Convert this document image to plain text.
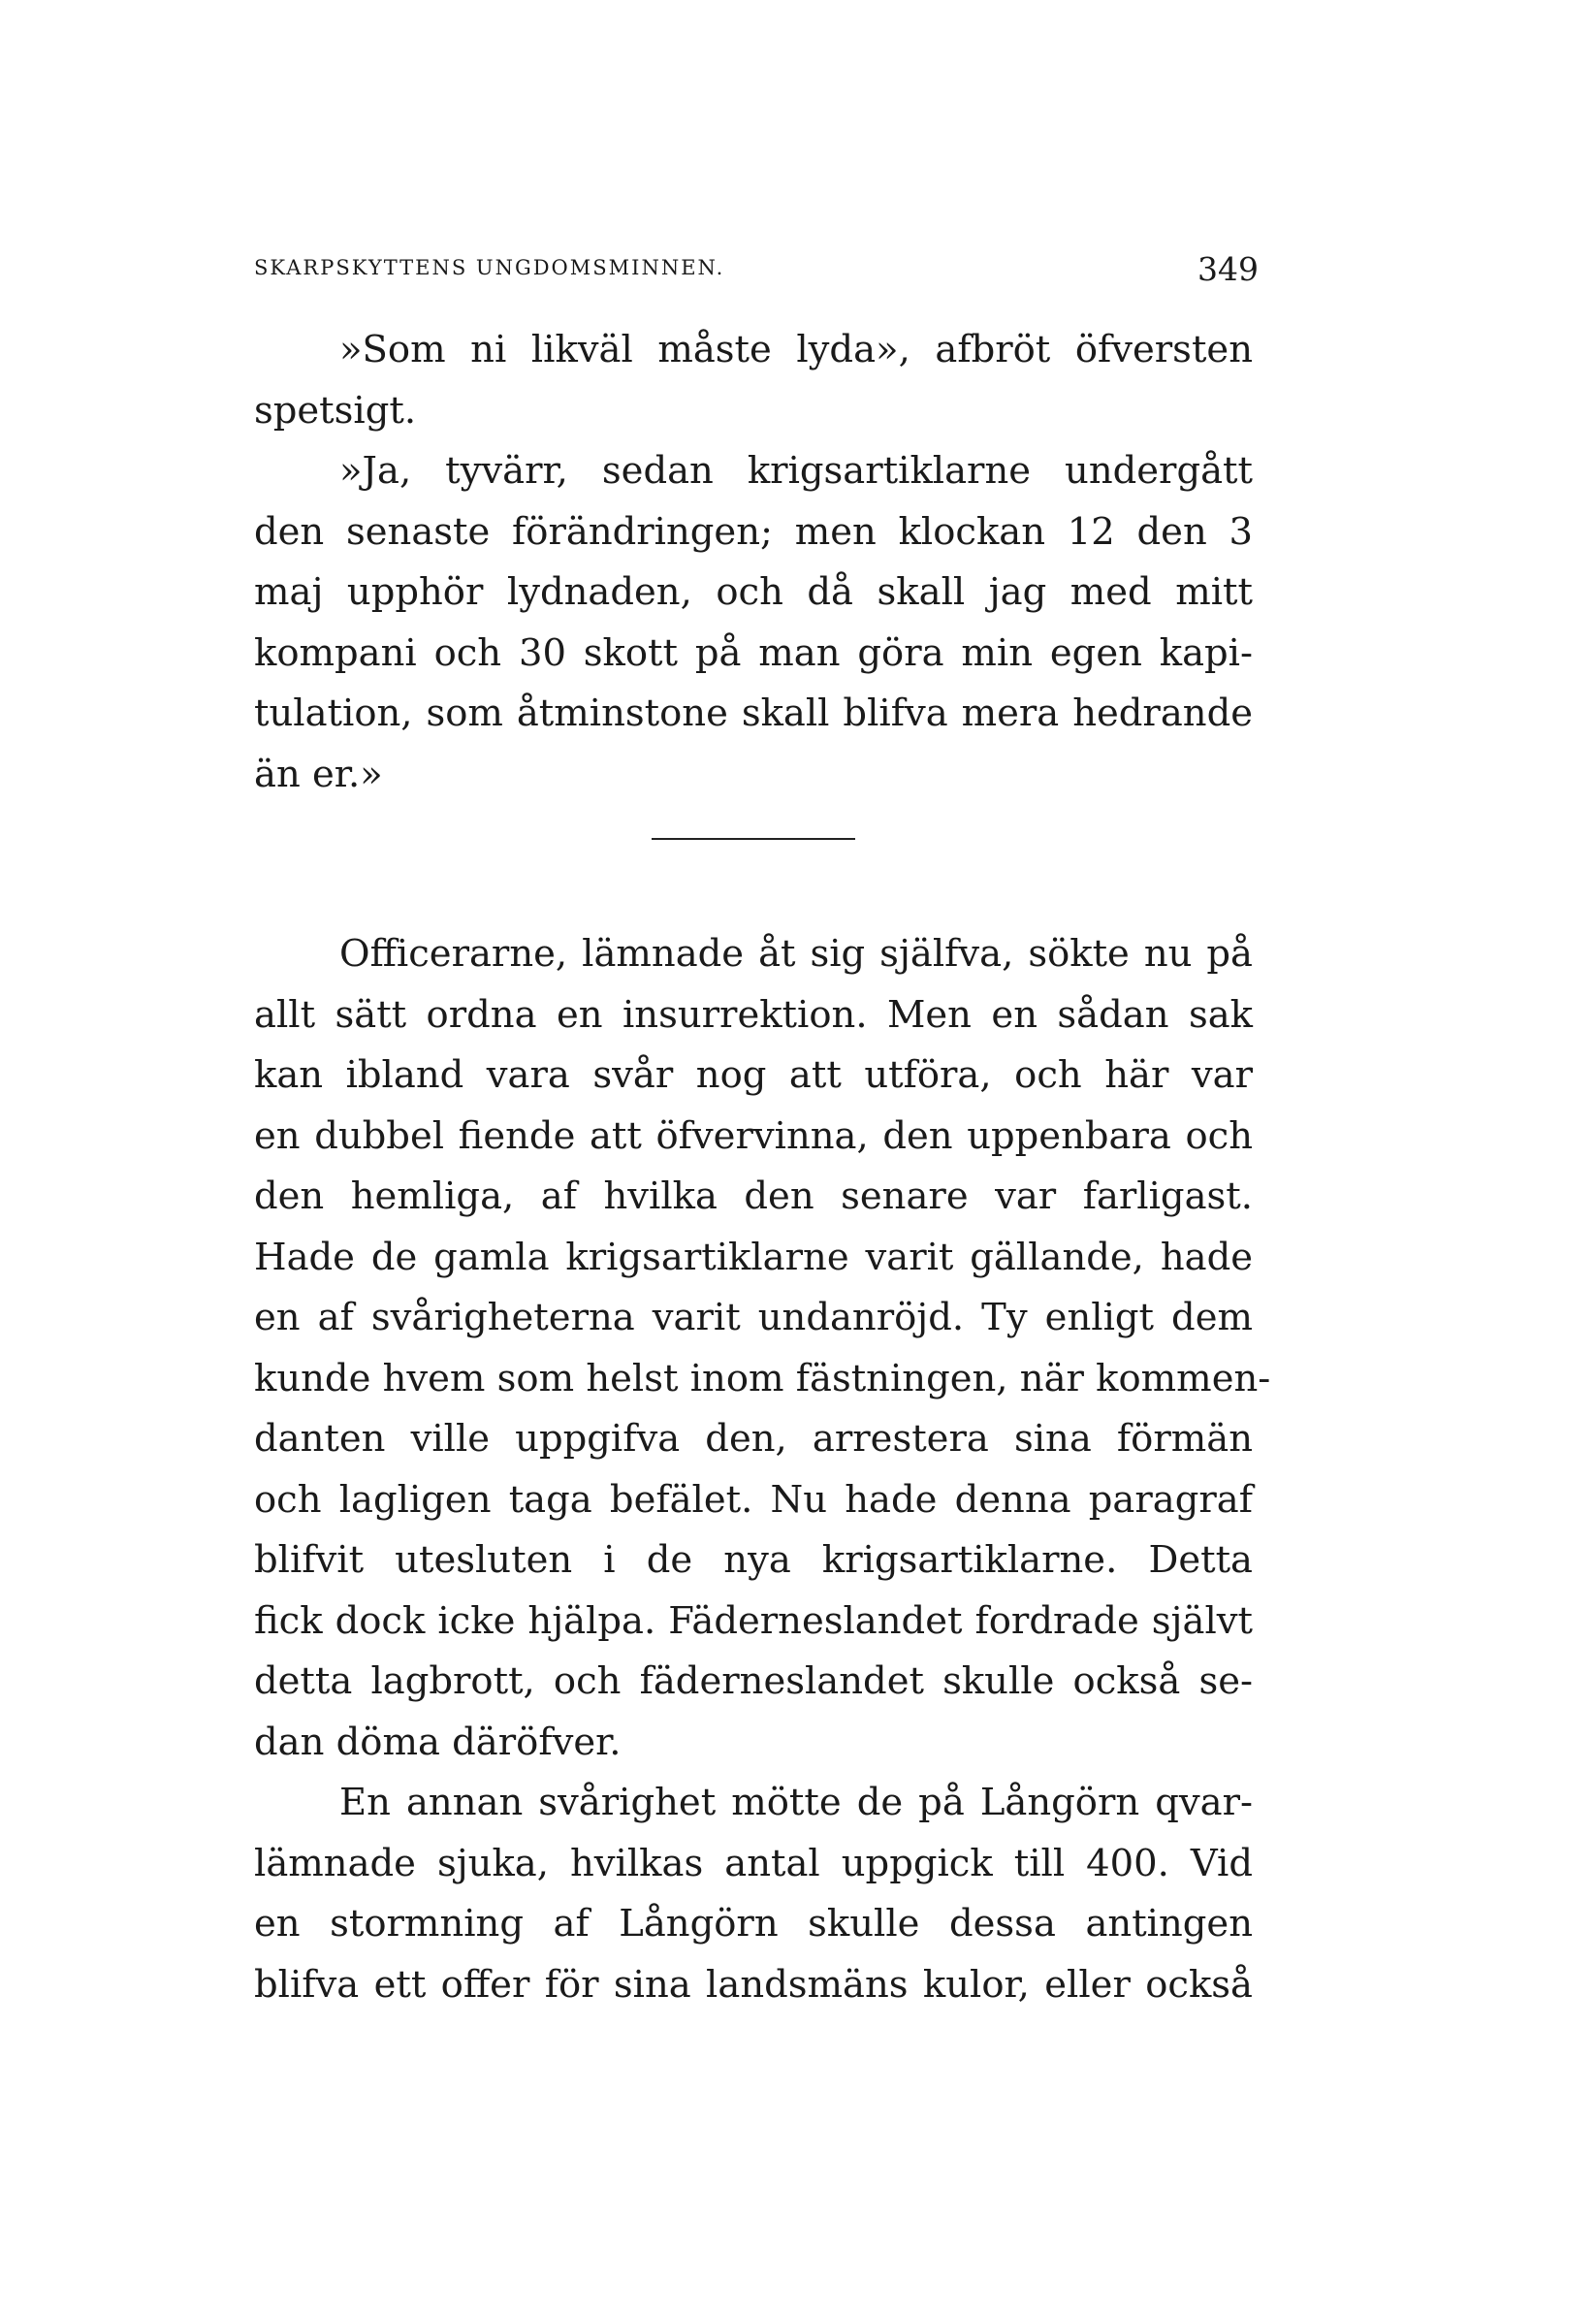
SKARPSKYTTENS UNGDOMSMINNEN.	349
»Som ni likväl måste lyda», afbröt öfversten
spetsigt.
»Ja, tyvärr, sedan krigsartiklarne undergått
den senaste förändringen; men klockan 12 den 3
maj upphör lydnaden, och då skall jag med mitt
kompani och 30 skott på man göra min egen kapi-
tulation, som åtminstone skall blifva mera hedrande
än er.»
Officerarne, lämnade åt sig själfva, sökte nu på
allt sätt ordna en insurrektion. Men en sådan sak
kan ibland vara svår nog att utföra, och här var
en dubbel fiende att öfvervinna, den uppenbara och
den hemliga, af hvilka den senare var farligast.
Hade de gamla krigsartiklarne varit gällande, hade
en af svårigheterna varit undanröjd. Ty enligt dem
kunde hvem som helst inom fästningen, när kommen-
danten ville uppgifva den, arrestera sina förmän
och lagligen taga befälet. Nu hade denna paragraf
blifvit utesluten i de nya krigsartiklarne. Detta
fick dock icke hjälpa. Fäderneslandet fordrade självt
detta lagbrott, och fäderneslandet skulle också se-
dan döma däröfver.
En annan svårighet mötte de på Långörn qvar-
lämnade sjuka, hvilkas antal uppgick till 400. Vid
en stormning af Långörn skulle dessa antingen
blifva ett offer för sina landsmäns kulor, eller också
